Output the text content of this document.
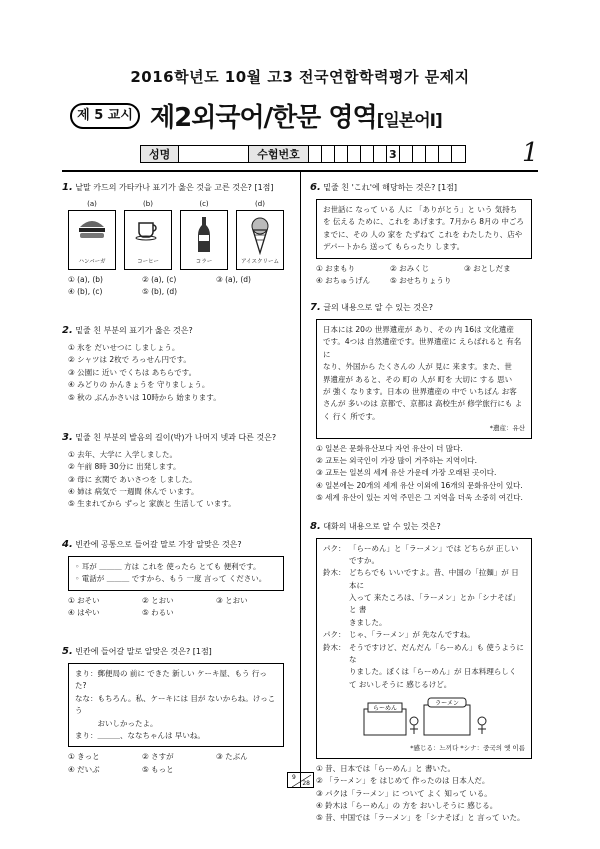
2016학년도 10월 고3 전국연합학력평가 문제지
제 5 교시 제2외국어/한문 영역[일본어Ⅰ]
성명	수험번호	3	1
1. 낱말 카드의 가타카나 표기가 옳은 것을 고른 것은? [1점]
(a)
ハンバーガ
(b)
コーヒー
(c)
コラー
(d)
アイスクリーム
① (a), (b)	② (a), (c)	③ (a), (d)
④ (b), (c)	⑤ (b), (d)
2. 밑줄 친 부분의 표기가 옳은 것은?
① 氷を だいせつに しましょう。
② シャツは 2枚で ろっせん円です。
③ 公園に 近い でくちは あちらです。
④ みどりの かんきょうを 守りましょう。
⑤ 秋の ぶんかさいは 10時から 始まります。
3. 밑줄 친 부분의 발음의 길이(박)가 나머지 넷과 다른 것은?
① 去年、大学に 入学しました。
② 午前 8時 30分に 出発します。
③ 母に 玄関で あいさつを しました。
④ 姉は 病気で 一週間 休んで います。
⑤ 生まれてから ずっと 家族と 生活して います。
4. 빈칸에 공통으로 들어갈 말로 가장 알맞은 것은?
◦ 耳が ＿＿＿ 方は これを 使ったら とても 便利です。
◦ 電話が ＿＿＿ ですから、もう 一度 言って ください。
① おそい	② とおい	③ とおい
④ はやい	⑤ わるい
5. 빈칸에 들어갈 말로 알맞은 것은? [1점]
まり：郵便局の 前に できた 新しい ケーキ屋、もう 行った?
なな：もちろん。私、ケーキには 目が ないからね。けっこう
　　　おいしかったよ。
まり：＿＿＿、ななちゃんは 早いね。
① きっと	② さすが	③ たぶん
④ だいぶ	⑤ もっと
6. 밑줄 친 'これ'에 해당하는 것은? [1점]
お世話に なって いる 人に 「ありがとう」と いう 気持ち
を 伝える ために、これを あげます。7月から 8月の 中ごろ
までに、その 人の 家を たずねて これを わたしたり、店や
デパートから 送って もらったり します。
① おまもり	② おみくじ	③ おとしだま
④ おちゅうげん	⑤ おせちりょうり
7. 글의 내용으로 알 수 있는 것은?
日本には 20の 世界遺産が あり、その 内 16は 文化遺産
です。4つは 自然遺産です。世界遺産に えらばれると 有名に
なり、外国から たくさんの 人が 見に 来ます。また、世
界遺産が あると、その 町の 人が 町を 大切に する 思い
が 強く なります。日本の 世界遺産の 中で いちばん お客
さんが 多いのは 京都で、京都は 高校生が 修学旅行にも よ
く 行く 所です。
*遺産：유산
① 일본은 문화유산보다 자연 유산이 더 많다.
② 교토는 외국인이 가장 많이 거주하는 지역이다.
③ 교토는 일본의 세계 유산 가운데 가장 오래된 곳이다.
④ 일본에는 20개의 세계 유산 이외에 16개의 문화유산이 있다.
⑤ 세계 유산이 있는 지역 주민은 그 지역을 더욱 소중히 여긴다.
8. 대화의 내용으로 알 수 있는 것은?
パク： 「らーめん」と「ラーメン」では どちらが 正しいですか。
鈴木： どちらでも いいですよ。昔、中国の「拉麺」が 日本に
入って 来たころは、「ラーメン」とか「シナそば」と 書
きました。
パク： じゃ、「ラーメン」が 先なんですね。
鈴木： そうですけど、だんだん「らーめん」も 使うように な
りました。ぼくは「らーめん」が 日本料理らしく
て おいしそうに 感じるけど。
らーめん
ラーメン
*感じる：느끼다 *シナ：중국의 옛 이름
① 昔、日本では「らーめん」と 書いた。
② 「ラーメン」を はじめて 作ったのは 日本人だ。
③ パクは「ラーメン」に ついて よく 知って いる。
④ 鈴木は「らーめん」の 方を おいしそうに 感じる。
⑤ 昔、中国では「ラーメン」を「シナそば」と 言って いた。
9
28
